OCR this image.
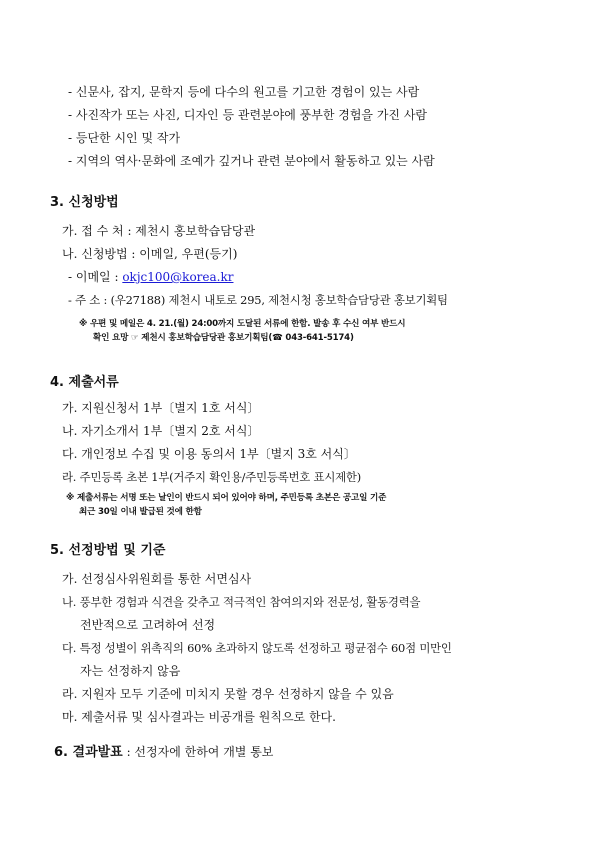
- 신문사, 잡지, 문학지 등에 다수의 원고를 기고한 경험이 있는 사람
- 사진작가 또는 사진, 디자인 등 관련분야에 풍부한 경험을 가진 사람
- 등단한 시인 및 작가
- 지역의 역사·문화에 조예가 깊거나 관련 분야에서 활동하고 있는 사람
3. 신청방법
가. 접 수 처 : 제천시 홍보학습담당관
나. 신청방법 : 이메일, 우편(등기)
- 이메일 : okjc100@korea.kr
- 주 소 : (우27188) 제천시 내토로 295, 제천시청 홍보학습담당관 홍보기획팀
※ 우편 및 메일은 4. 21.(월) 24:00까지 도달된 서류에 한함. 발송 후 수신 여부 반드시
확인 요망 ☞ 제천시 홍보학습담당관 홍보기획팀(☎ 043-641-5174)
4. 제출서류
가. 지원신청서 1부〔별지 1호 서식〕
나. 자기소개서 1부〔별지 2호 서식〕
다. 개인정보 수집 및 이용 동의서 1부〔별지 3호 서식〕
라. 주민등록 초본 1부(거주지 확인용/주민등록번호 표시제한)
※ 제출서류는 서명 또는 날인이 반드시 되어 있어야 하며, 주민등록 초본은 공고일 기준
최근 30일 이내 발급된 것에 한함
5. 선정방법 및 기준
가. 선정심사위원회를 통한 서면심사
나. 풍부한 경험과 식견을 갖추고 적극적인 참여의지와 전문성, 활동경력을
전반적으로 고려하여 선정
다. 특정 성별이 위촉직의 60% 초과하지 않도록 선정하고 평균점수 60점 미만인
자는 선정하지 않음
라. 지원자 모두 기준에 미치지 못할 경우 선정하지 않을 수 있음
마. 제출서류 및 심사결과는 비공개를 원칙으로 한다.
6. 결과발표 : 선정자에 한하여 개별 통보
